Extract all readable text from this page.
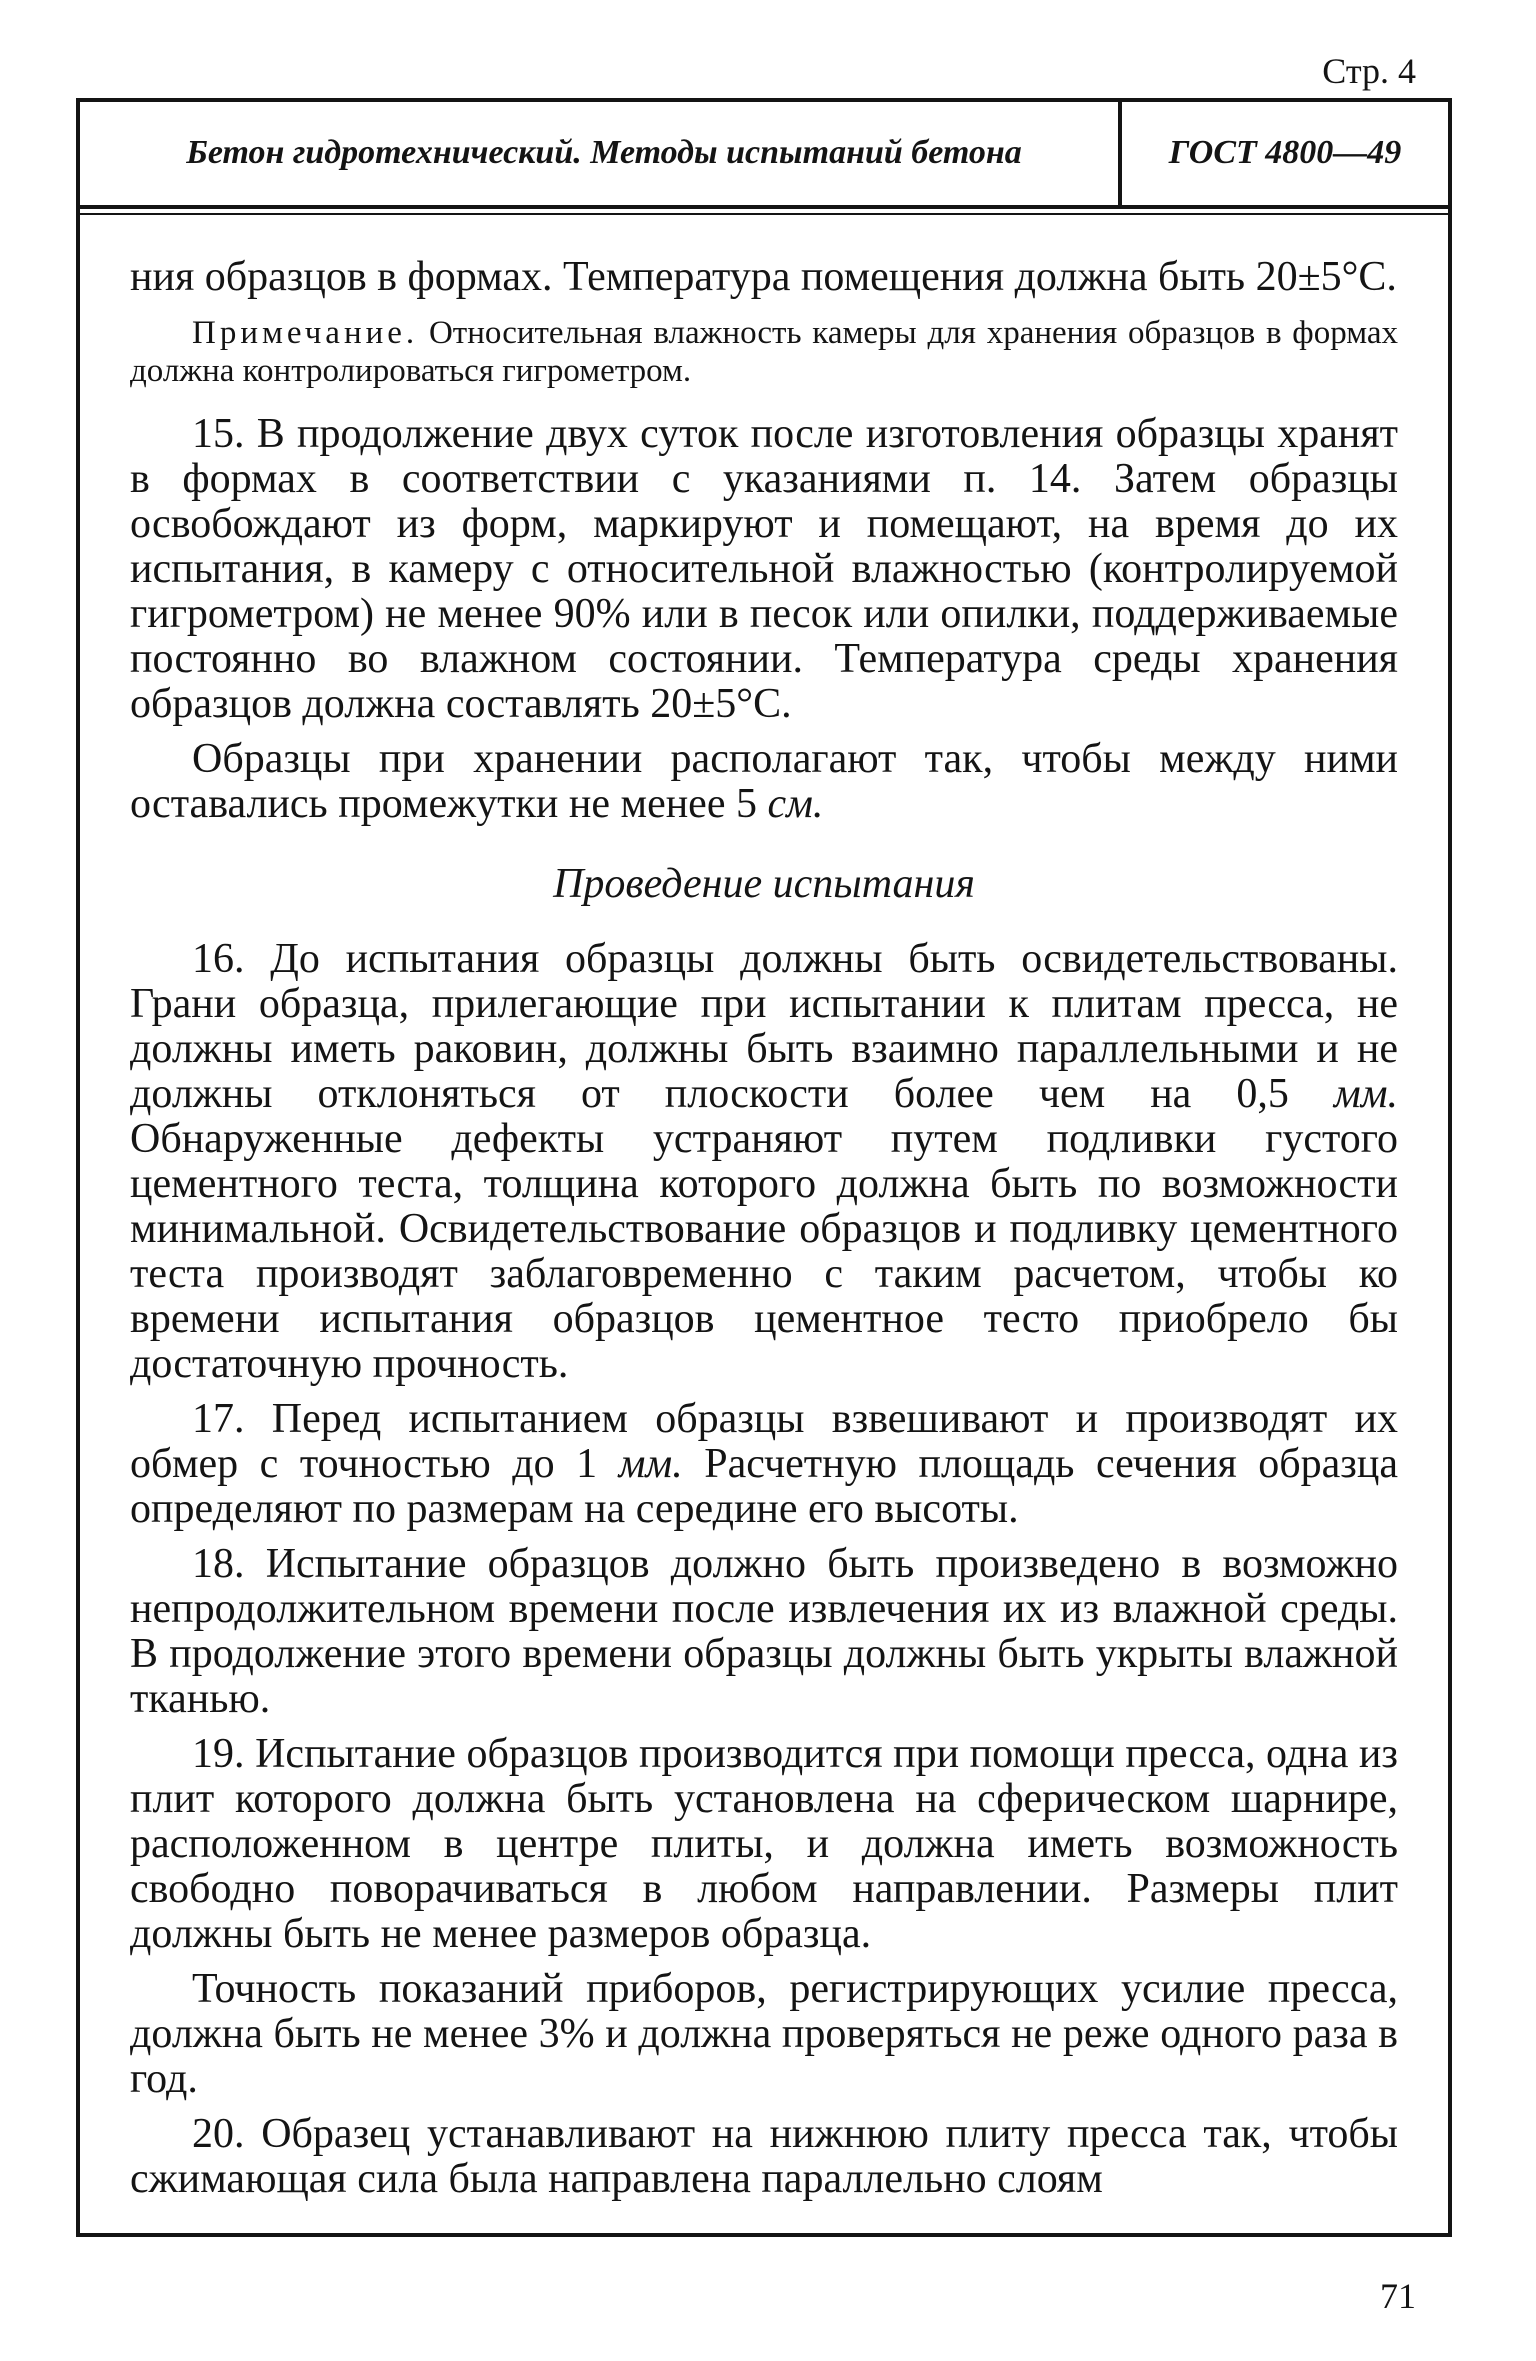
Стр. 4
Бетон гидротехнический. Методы испытаний бетона	ГОСТ 4800—49

ния образцов в формах. Температура помещения должна быть 20±5°С.

Примечание. Относительная влажность камеры для хранения образцов в формах должна контролироваться гигрометром.

15. В продолжение двух суток после изготовления образцы хранят в формах в соответствии с указаниями п. 14. Затем образцы освобождают из форм, маркируют и помещают, на время до их испытания, в камеру с относительной влажностью (контролируемой гигрометром) не менее 90% или в песок или опилки, поддерживаемые постоянно во влажном состоянии. Температура среды хранения образцов должна составлять 20±5°С.

Образцы при хранении располагают так, чтобы между ними оставались промежутки не менее 5 см.

Проведение испытания

16. До испытания образцы должны быть освидетельствованы. Грани образца, прилегающие при испытании к плитам пресса, не должны иметь раковин, должны быть взаимно параллельными и не должны отклоняться от плоскости более чем на 0,5 мм. Обнаруженные дефекты устраняют путем подливки густого цементного теста, толщина которого должна быть по возможности минимальной. Освидетельствование образцов и подливку цементного теста производят заблаговременно с таким расчетом, чтобы ко времени испытания образцов цементное тесто приобрело бы достаточную прочность.

17. Перед испытанием образцы взвешивают и производят их обмер с точностью до 1 мм. Расчетную площадь сечения образца определяют по размерам на середине его высоты.

18. Испытание образцов должно быть произведено в возможно непродолжительном времени после извлечения их из влажной среды. В продолжение этого времени образцы должны быть укрыты влажной тканью.

19. Испытание образцов производится при помощи пресса, одна из плит которого должна быть установлена на сферическом шарнире, расположенном в центре плиты, и должна иметь возможность свободно поворачиваться в любом направлении. Размеры плит должны быть не менее размеров образца.

Точность показаний приборов, регистрирующих усилие пресса, должна быть не менее 3% и должна проверяться не реже одного раза в год.

20. Образец устанавливают на нижнюю плиту пресса так, чтобы сжимающая сила была направлена параллельно слоям

71
